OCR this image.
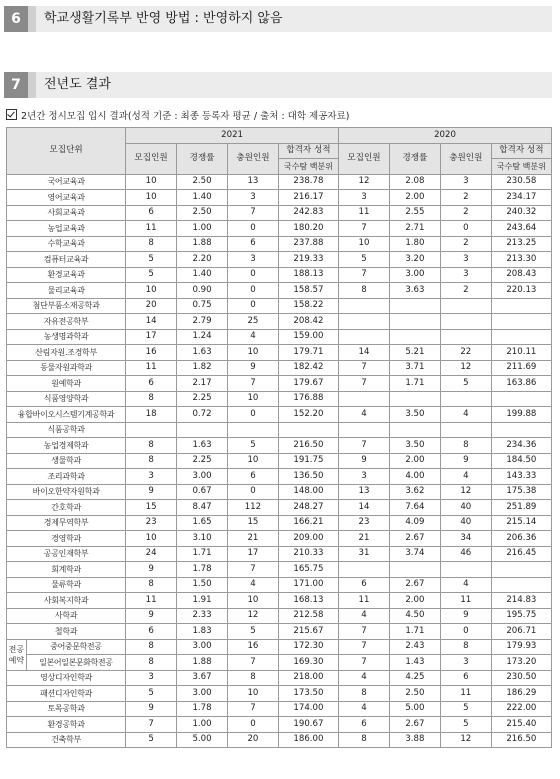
6	학교생활기록부 반영 방법 : 반영하지 않음
7	전년도 결과
2년간 정시모집 입시 결과(성적 기준 : 최종 등록자 평균 / 출처 : 대학 제공자료)
모집단위		2021				2020			
		모집인원	경쟁률	충원인원	합격자 성적	모집인원	경쟁률	충원인원	합격자 성적
					국수탐 백분위				국수탐 백분위
국어교육과		10	2.50	13	238.78	12	2.08	3	230.58
영어교육과		10	1.40	3	216.17	3	2.00	2	234.17
사회교육과		6	2.50	7	242.83	11	2.55	2	240.32
농업교육과		11	1.00	0	180.20	7	2.71	0	243.64
수학교육과		8	1.88	6	237.88	10	1.80	2	213.25
컴퓨터교육과		5	2.20	3	219.33	5	3.20	3	213.30
환경교육과		5	1.40	0	188.13	7	3.00	3	208.43
물리교육과		10	0.90	0	158.57	8	3.63	2	220.13
첨단부품소재공학과		20	0.75	0	158.22				
자유전공학부		14	2.79	25	208.42				
농생명과학과		17	1.24	4	159.00				
산림자원.조경학부		16	1.63	10	179.71	14	5.21	22	210.11
동물자원과학과		11	1.82	9	182.42	7	3.71	12	211.69
원예학과		6	2.17	7	179.67	7	1.71	5	163.86
식품영양학과		8	2.25	10	176.88				
융합바이오시스템기계공학과		18	0.72	0	152.20	4	3.50	4	199.88
식품공학과									
농업경제학과		8	1.63	5	216.50	7	3.50	8	234.36
생물학과		8	2.25	10	191.75	9	2.00	9	184.50
조리과학과		3	3.00	6	136.50	3	4.00	4	143.33
바이오한약자원학과		9	0.67	0	148.00	13	3.62	12	175.38
간호학과		15	8.47	112	248.27	14	7.64	40	251.89
경제무역학부		23	1.65	15	166.21	23	4.09	40	215.14
경영학과		10	3.10	21	209.00	21	2.67	34	206.36
공공인재학부		24	1.71	17	210.33	31	3.74	46	216.45
회계학과		9	1.78	7	165.75				
물류학과		8	1.50	4	171.00	6	2.67	4	
사회복지학과		11	1.91	10	168.13	11	2.00	11	214.83
사학과		9	2.33	12	212.58	4	4.50	9	195.75
철학과		6	1.83	5	215.67	7	1.71	0	206.71
전공예약	중어중문학전공	8	3.00	16	172.30	7	2.43	8	179.93
	일본어일본문화학전공	8	1.88	7	169.30	7	1.43	3	173.20
영상디자인학과		3	3.67	8	218.00	4	4.25	6	230.50
패션디자인학과		5	3.00	10	173.50	8	2.50	11	186.29
토목공학과		9	1.78	7	174.00	4	5.00	5	222.00
환경공학과		7	1.00	0	190.67	6	2.67	5	215.40
건축학부		5	5.00	20	186.00	8	3.88	12	216.50
